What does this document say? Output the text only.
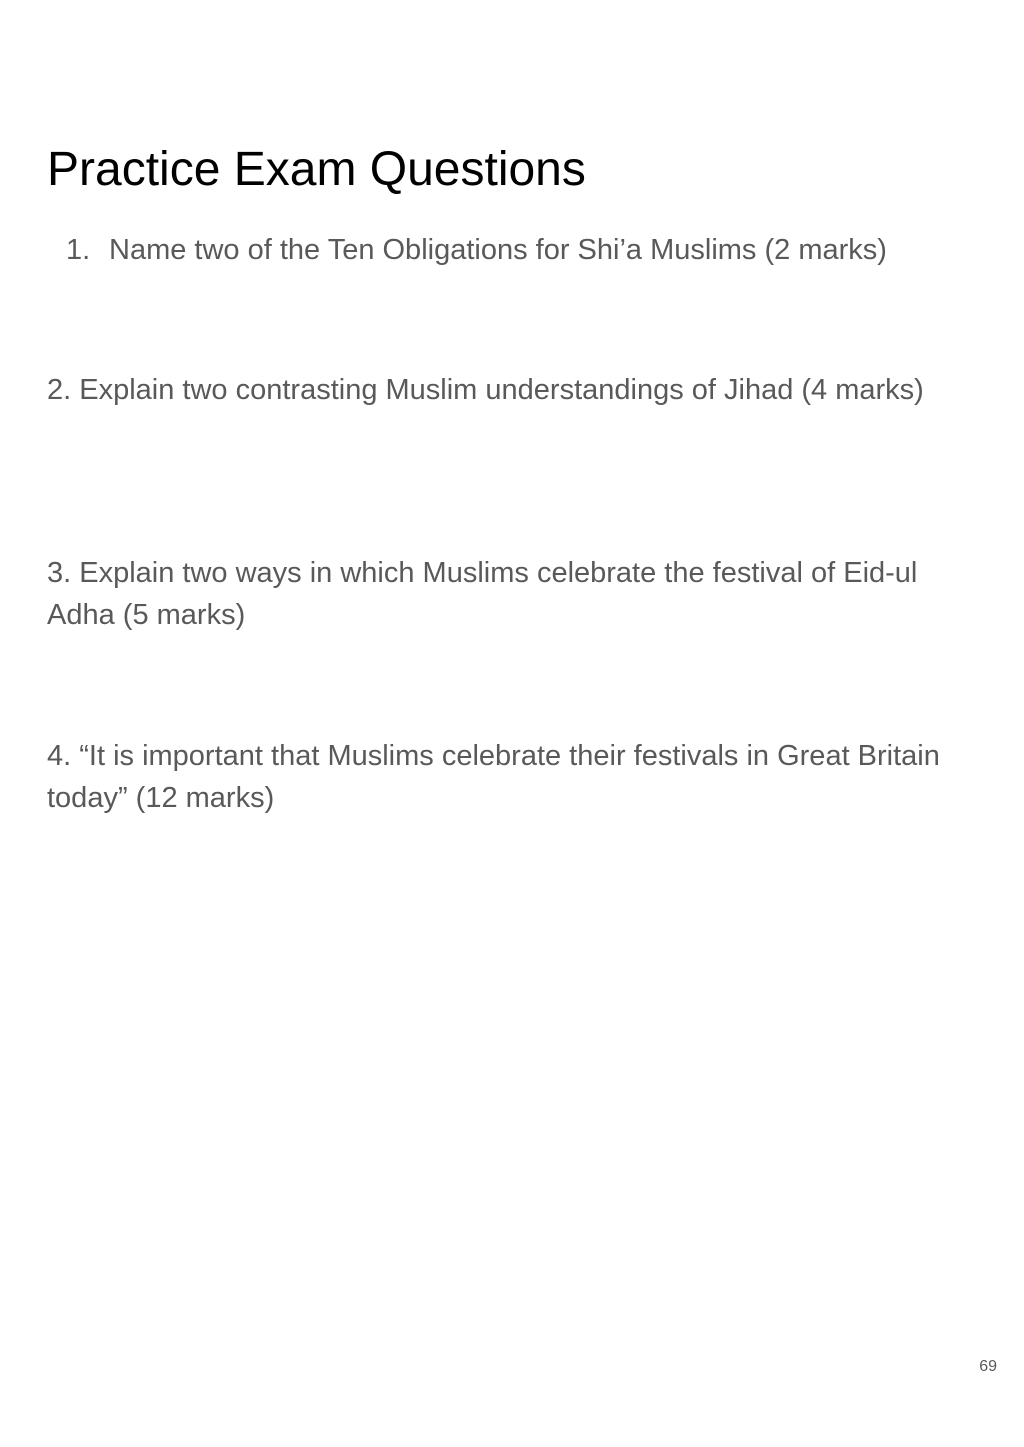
Practice Exam Questions
1. Name two of the Ten Obligations for Shi’a Muslims (2 marks)

2. Explain two contrasting Muslim understandings of Jihad (4 marks)

3. Explain two ways in which Muslims celebrate the festival of Eid-ul Adha (5 marks)

4. “It is important that Muslims celebrate their festivals in Great Britain today” (12 marks)

69
